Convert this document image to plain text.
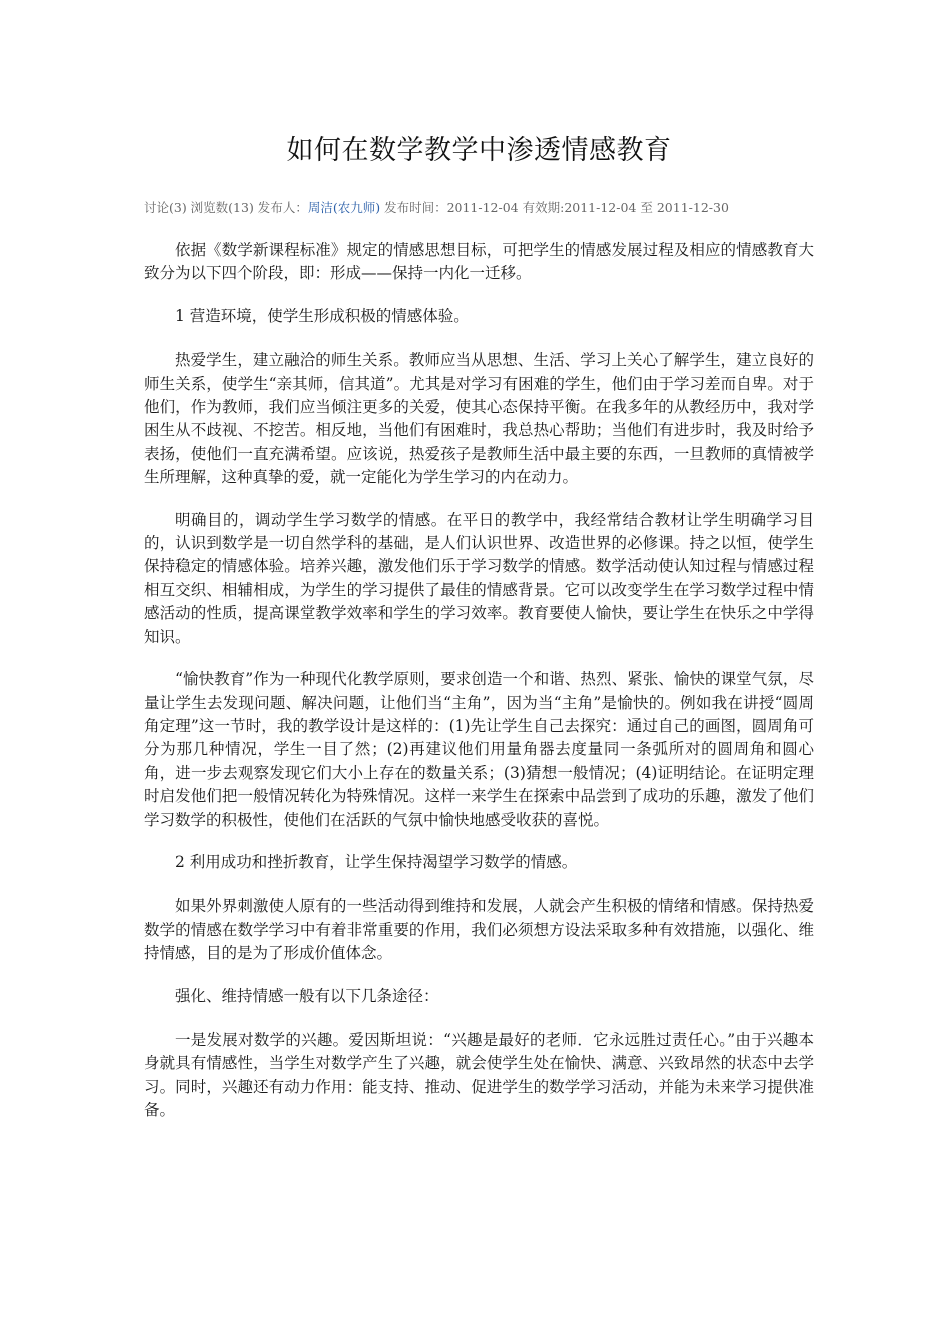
如何在数学教学中渗透情感教育
讨论(3) 浏览数(13) 发布人：周洁(农九师) 发布时间：2011-12-04 有效期:2011-12-04 至 2011-12-30

依据《数学新课程标准》规定的情感思想目标，可把学生的情感发展过程及相应的情感教育大致分为以下四个阶段，即：形成——保持一内化一迁移。

1 营造环境，使学生形成积极的情感体验。

热爱学生，建立融洽的师生关系。教师应当从思想、生活、学习上关心了解学生，建立良好的师生关系，使学生“亲其师，信其道”。尤其是对学习有困难的学生，他们由于学习差而自卑。对于他们，作为教师，我们应当倾注更多的关爱，使其心态保持平衡。在我多年的从教经历中，我对学困生从不歧视、不挖苦。相反地，当他们有困难时，我总热心帮助；当他们有进步时，我及时给予表扬，使他们一直充满希望。应该说，热爱孩子是教师生活中最主要的东西，一旦教师的真情被学生所理解，这种真挚的爱，就一定能化为学生学习的内在动力。

明确目的，调动学生学习数学的情感。在平日的教学中，我经常结合教材让学生明确学习目的，认识到数学是一切自然学科的基础，是人们认识世界、改造世界的必修课。持之以恒，使学生保持稳定的情感体验。培养兴趣，激发他们乐于学习数学的情感。数学活动使认知过程与情感过程相互交织、相辅相成，为学生的学习提供了最佳的情感背景。它可以改变学生在学习数学过程中情感活动的性质，提高课堂教学效率和学生的学习效率。教育要使人愉快，要让学生在快乐之中学得知识。

“愉快教育”作为一种现代化教学原则，要求创造一个和谐、热烈、紧张、愉快的课堂气氛，尽量让学生去发现问题、解决问题，让他们当“主角”，因为当“主角”是愉快的。例如我在讲授“圆周角定理”这一节时，我的教学设计是这样的：(1)先让学生自己去探究：通过自己的画图，圆周角可分为那几种情况，学生一目了然；(2)再建议他们用量角器去度量同一条弧所对的圆周角和圆心角，进一步去观察发现它们大小上存在的数量关系；(3)猜想一般情况；(4)证明结论。在证明定理时启发他们把一般情况转化为特殊情况。这样一来学生在探索中品尝到了成功的乐趣，激发了他们学习数学的积极性，使他们在活跃的气氛中愉快地感受收获的喜悦。

2 利用成功和挫折教育，让学生保持渴望学习数学的情感。

如果外界刺激使人原有的一些活动得到维持和发展，人就会产生积极的情绪和情感。保持热爱数学的情感在数学学习中有着非常重要的作用，我们必须想方设法采取多种有效措施，以强化、维持情感，目的是为了形成价值体念。

强化、维持情感一般有以下几条途径：

一是发展对数学的兴趣。爱因斯坦说：“兴趣是最好的老师．它永远胜过责任心。”由于兴趣本身就具有情感性，当学生对数学产生了兴趣，就会使学生处在愉快、满意、兴致昂然的状态中去学习。同时，兴趣还有动力作用：能支持、推动、促进学生的数学学习活动，并能为未来学习提供准备。
